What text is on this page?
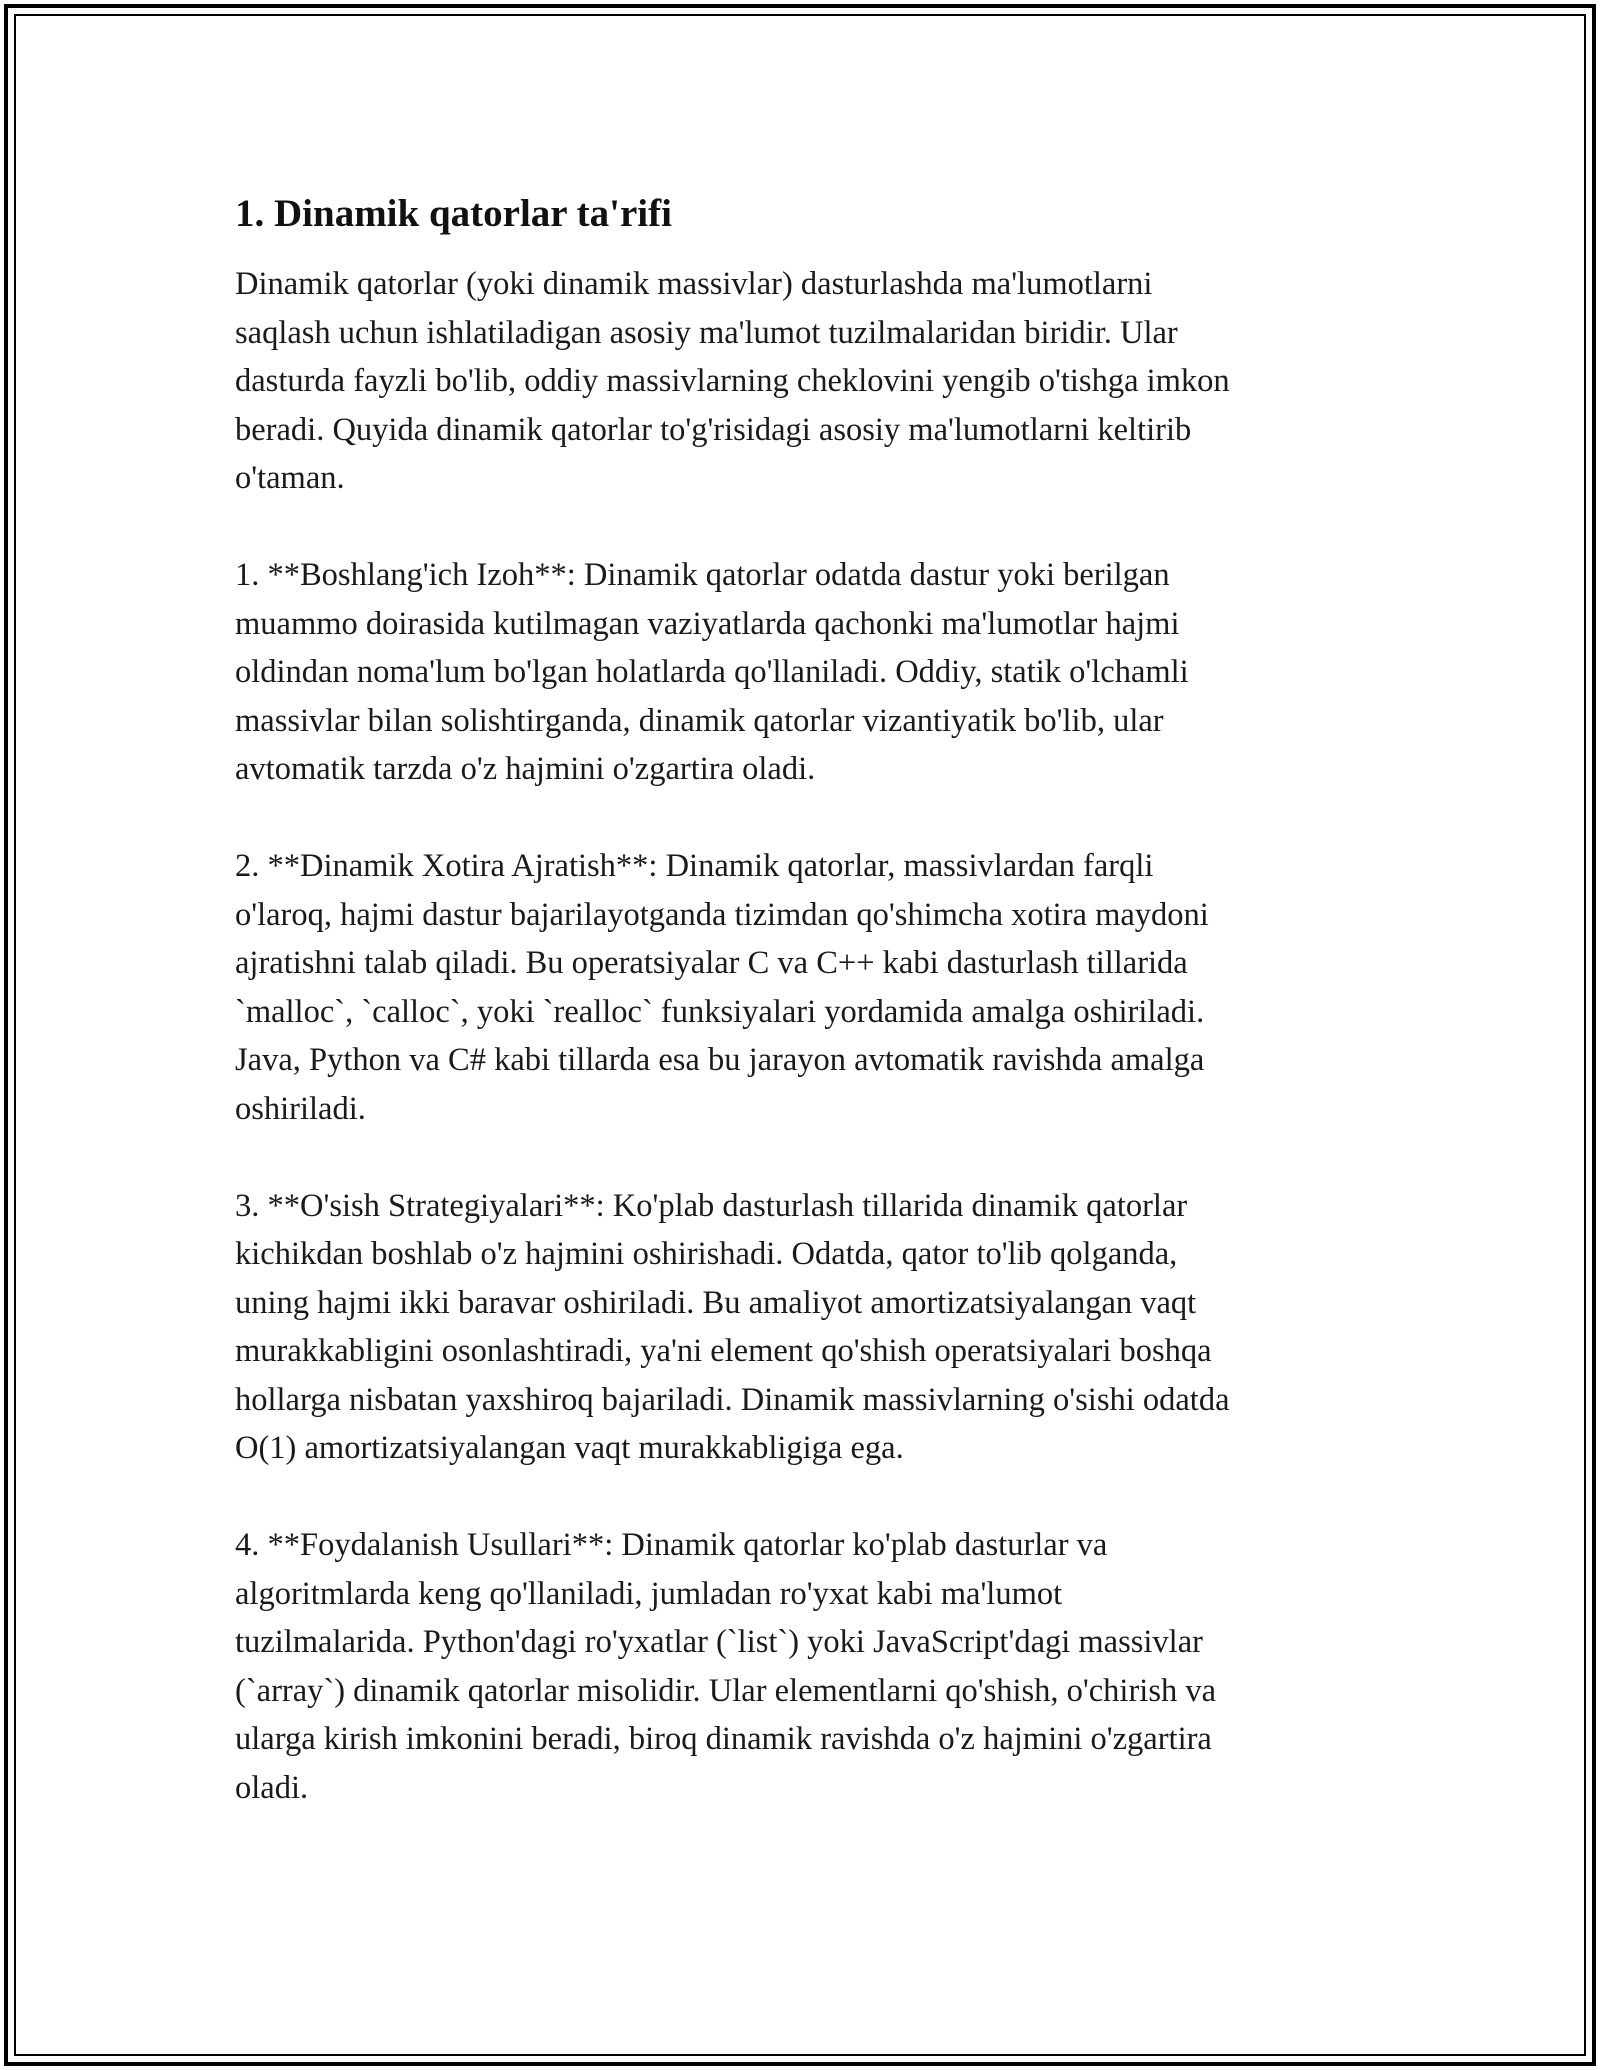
1. Dinamik qatorlar ta'rifi

Dinamik qatorlar (yoki dinamik massivlar) dasturlashda ma'lumotlarni
saqlash uchun ishlatiladigan asosiy ma'lumot tuzilmalaridan biridir. Ular
dasturda fayzli bo'lib, oddiy massivlarning cheklovini yengib o'tishga imkon
beradi. Quyida dinamik qatorlar to'g'risidagi asosiy ma'lumotlarni keltirib
o'taman.

1. **Boshlang'ich Izoh**: Dinamik qatorlar odatda dastur yoki berilgan
muammo doirasida kutilmagan vaziyatlarda qachonki ma'lumotlar hajmi
oldindan noma'lum bo'lgan holatlarda qo'llaniladi. Oddiy, statik o'lchamli
massivlar bilan solishtirganda, dinamik qatorlar vizantiyatik bo'lib, ular
avtomatik tarzda o'z hajmini o'zgartira oladi.

2. **Dinamik Xotira Ajratish**: Dinamik qatorlar, massivlardan farqli
o'laroq, hajmi dastur bajarilayotganda tizimdan qo'shimcha xotira maydoni
ajratishni talab qiladi. Bu operatsiyalar C va C++ kabi dasturlash tillarida
`malloc`, `calloc`, yoki `realloc` funksiyalari yordamida amalga oshiriladi.
Java, Python va C# kabi tillarda esa bu jarayon avtomatik ravishda amalga
oshiriladi.

3. **O'sish Strategiyalari**: Ko'plab dasturlash tillarida dinamik qatorlar
kichikdan boshlab o'z hajmini oshirishadi. Odatda, qator to'lib qolganda,
uning hajmi ikki baravar oshiriladi. Bu amaliyot amortizatsiyalangan vaqt
murakkabligini osonlashtiradi, ya'ni element qo'shish operatsiyalari boshqa
hollarga nisbatan yaxshiroq bajariladi. Dinamik massivlarning o'sishi odatda
O(1) amortizatsiyalangan vaqt murakkabligiga ega.

4. **Foydalanish Usullari**: Dinamik qatorlar ko'plab dasturlar va
algoritmlarda keng qo'llaniladi, jumladan ro'yxat kabi ma'lumot
tuzilmalarida. Python'dagi ro'yxatlar (`list`) yoki JavaScript'dagi massivlar
(`array`) dinamik qatorlar misolidir. Ular elementlarni qo'shish, o'chirish va
ularga kirish imkonini beradi, biroq dinamik ravishda o'z hajmini o'zgartira
oladi.
